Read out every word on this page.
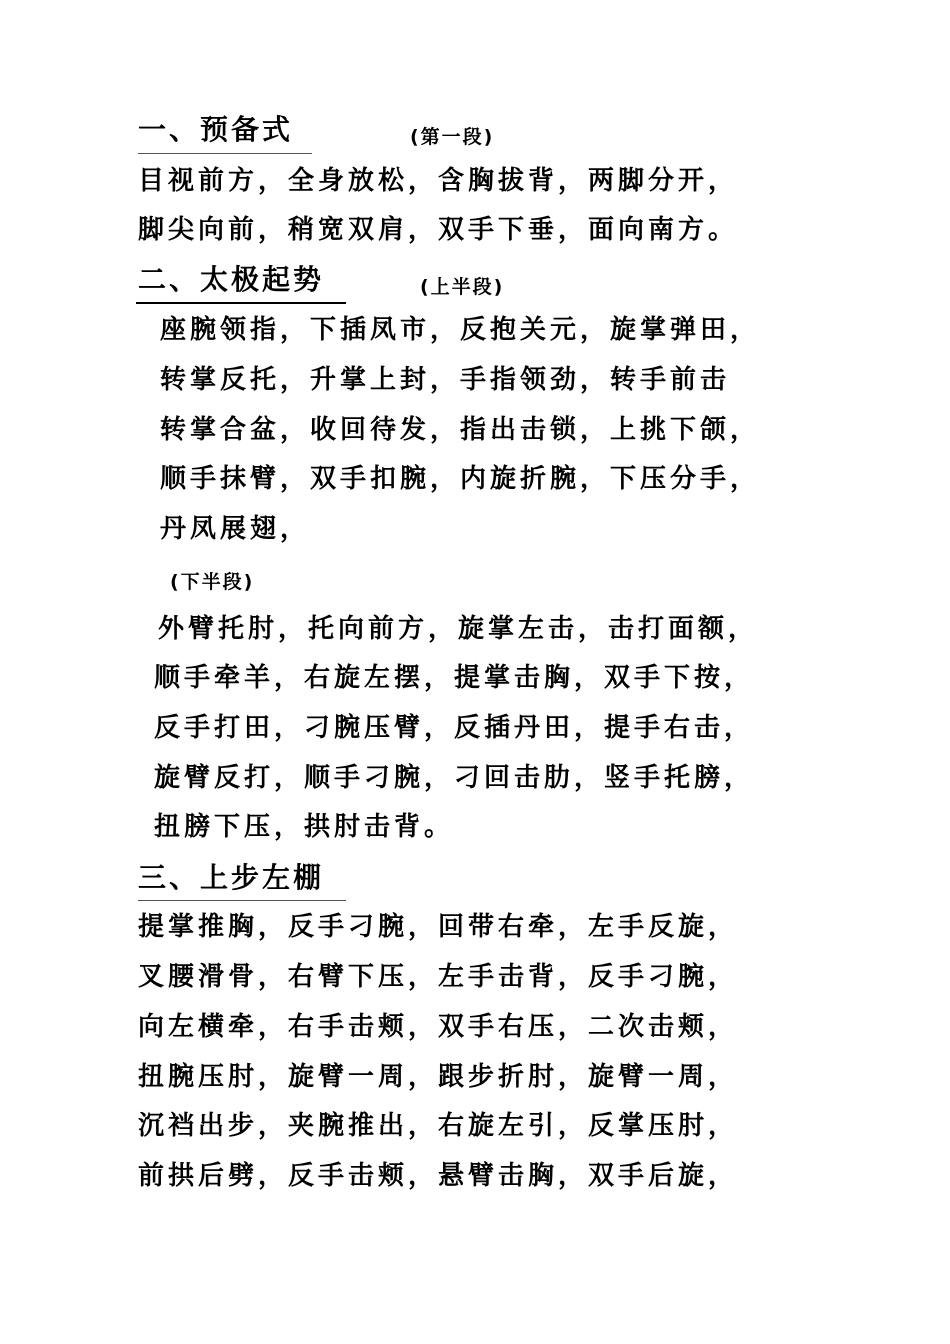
一、预备式	(第一段)
目视前方，全身放松，含胸拔背，两脚分开，
脚尖向前，稍宽双肩，双手下垂，面向南方。
二、太极起势	(上半段)
座腕领指，下插凤市，反抱关元，旋掌弹田，
转掌反托，升掌上封，手指领劲，转手前击
转掌合盆，收回待发，指出击锁，上挑下颌，
顺手抹臂，双手扣腕，内旋折腕，下压分手，
丹凤展翅，
(下半段)
外臂托肘，托向前方，旋掌左击，击打面额，
顺手牵羊，右旋左摆，提掌击胸，双手下按，
反手打田，刁腕压臂，反插丹田，提手右击，
旋臂反打，顺手刁腕，刁回击肋，竖手托膀，
扭膀下压，拱肘击背。
三、上步左棚
提掌推胸，反手刁腕，回带右牵，左手反旋，
叉腰滑骨，右臂下压，左手击背，反手刁腕，
向左横牵，右手击颊，双手右压，二次击颊，
扭腕压肘，旋臂一周，跟步折肘，旋臂一周，
沉裆出步，夹腕推出，右旋左引，反掌压肘，
前拱后劈，反手击颊，悬臂击胸，双手后旋，
